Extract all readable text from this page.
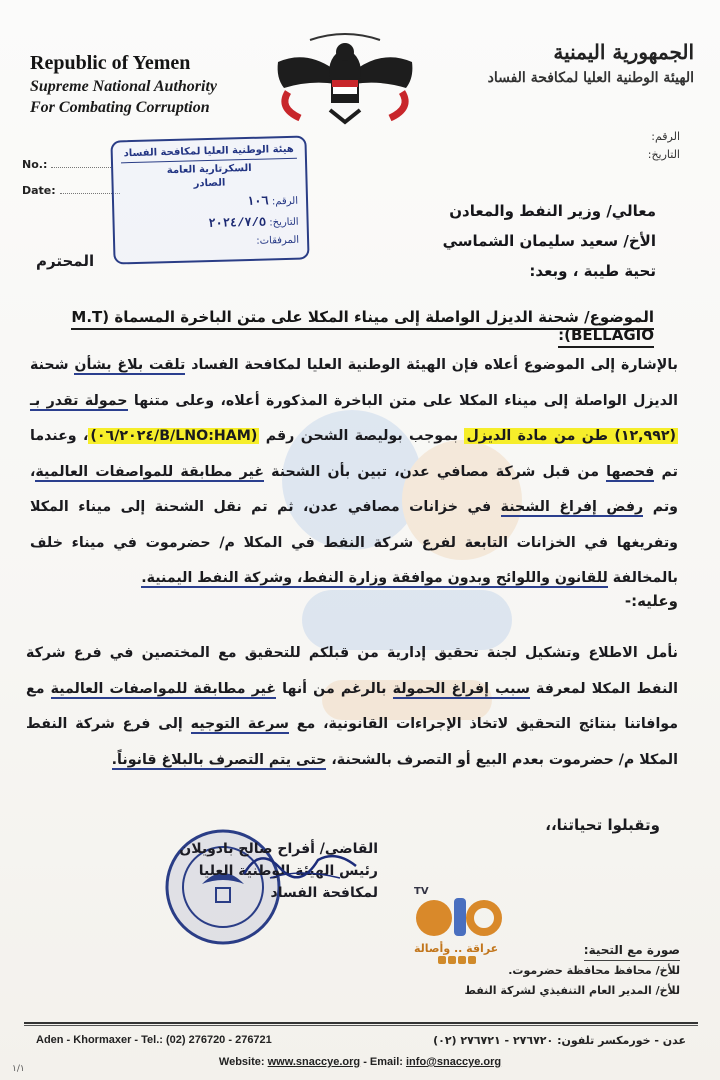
Republic of Yemen
Supreme National Authority
For Combating Corruption
الجمهورية اليمنية
الهيئة الوطنية العليا لمكافحة الفساد
الرقم:
التاريخ:
No.:
Date:
هيئة الوطنية العليا لمكافحة الفساد
السكرتارية العامة
الصادر
الرقم: ١٠٦
التاريخ: ٢٠٢٤/٧/٥
المرفقات:
معالي/ وزير النفط والمعادن
الأخ/ سعيد سليمان الشماسي
تحية طيبة ، وبعد:
المحترم
الموضوع/ شحنة الديزل الواصلة إلى ميناء المكلا على متن الباخرة المسماة (M.T BELLAGIO):
بالإشارة إلى الموضوع أعلاه فإن الهيئة الوطنية العليا لمكافحة الفساد تلقت بلاغ بشأن شحنة الديزل الواصلة إلى ميناء المكلا على متن الباخرة المذكورة أعلاه، وعلى متنها حمولة تقدر بـ (١٢,٩٩٢) طن من مادة الديزل بموجب بوليصة الشحن رقم (B/LNO:HAM/٠٦/٢٠٢٤)، وعندما تم فحصها من قبل شركة مصافي عدن، تبين بأن الشحنة غير مطابقة للمواصفات العالمية، وتم رفض إفراغ الشحنة في خزانات مصافي عدن، ثم تم نقل الشحنة إلى ميناء المكلا وتفريغها في الخزانات التابعة لفرع شركة النفط في المكلا م/ حضرموت في ميناء خلف بالمخالفة للقانون واللوائح وبدون موافقة وزارة النفط، وشركة النفط اليمنية.
وعليه:-
نأمل الاطلاع وتشكيل لجنة تحقيق إدارية من قبلكم للتحقيق مع المختصين في فرع شركة النفط المكلا لمعرفة سبب إفراغ الحمولة بالرغم من أنها غير مطابقة للمواصفات العالمية مع موافاتنا بنتائج التحقيق لاتخاذ الإجراءات القانونية، مع سرعة التوجيه إلى فرع شركة النفط المكلا م/ حضرموت بعدم البيع أو التصرف بالشحنة، حتى يتم التصرف بالبلاغ قانوناً.
وتقبلوا تحياتنا،،
القاضي/ أفراح صالح بادويلان
رئيس الهيئة الوطنية العليا
لمكافحة الفساد	TV
عراقة .. وأصالة	صورة مع التحية:
للأخ/ محافظ محافظة حضرموت.
للأخ/ المدير العام التنفيذي لشركة النفط
Aden - Khormaxer - Tel.: (02) 276720 - 276721	عدن - خورمكسر تلفون: ٢٧٦٧٢٠ - ٢٧٦٧٢١ (٠٢)
Website: www.snaccye.org - Email: info@snaccye.org
١/١
